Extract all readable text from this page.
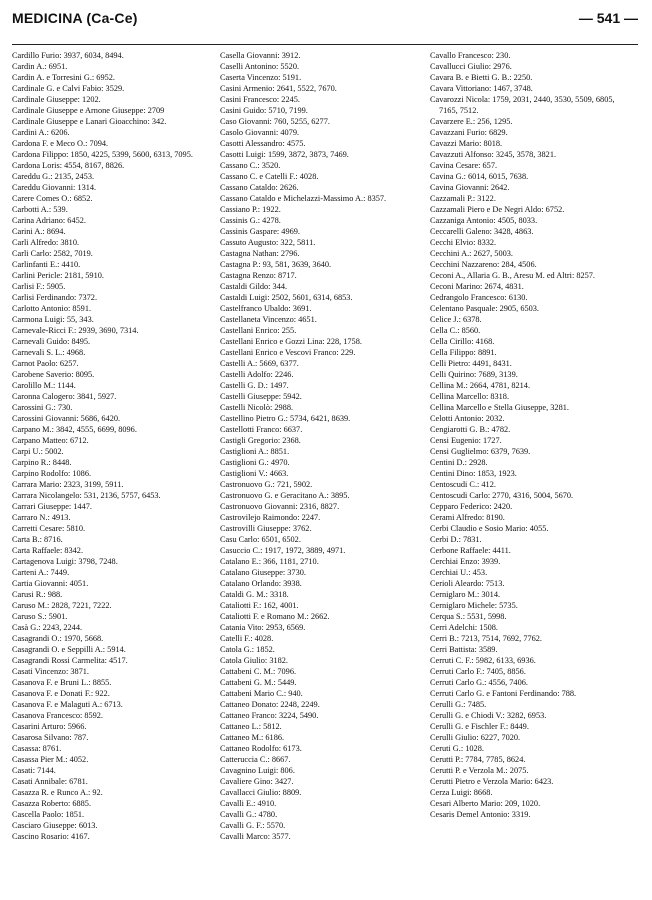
MEDICINA (Ca-Ce)	— 541 —
Cardillo Furio: 3937, 6034, 8494.
Cardin A.: 6951.
Cardin A. e Torresini G.: 6952.
Cardinale G. e Calvi Fabio: 3529.
Cardinale Giuseppe: 1202.
Cardinale Giuseppe e Arnone Giuseppe: 2709
Cardinale Giuseppe e Lanari Gioacchino: 342.
Cardini A.: 6206.
Cardona F. e Meco O.: 7094.
Cardona Filippo: 1850, 4225, 5399, 5600, 6313, 7095.
Cardona Loris: 4554, 8167, 8826.
Careddu G.: 2135, 2453.
Careddu Giovanni: 1314.
Carere Comes O.: 6852.
Carbotti A.: 539.
Carina Adriano: 6452.
Carini A.: 8694.
Carli Alfredo: 3810.
Carli Carlo: 2582, 7019.
Carlinfanti E.: 4410.
Carlini Pericle: 2181, 5910.
Carlisi F.: 5905.
Carlisi Ferdinando: 7372.
Carlotto Antonio: 8591.
Carmona Luigi: 55, 343.
Carnevale-Ricci F.: 2939, 3690, 7314.
Carnevali Guido: 8495.
Carnevali S. L.: 4968.
Carnot Paolo: 6257.
Carobene Saverio: 8095.
Carolillo M.: 1144.
Caronna Calogero: 3841, 5927.
Carossini G.: 730.
Carossini Giovanni: 5686, 6420.
Carpano M.: 3842, 4555, 6699, 8096.
Carpano Matteo: 6712.
Carpi U.: 5002.
Carpino R.: 8448.
Carpino Rodolfo: 1086.
Carrara Mario: 2323, 3199, 5911.
Carrara Nicolangelo: 531, 2136, 5757, 6453.
Carrari Giuseppe: 1447.
Carraro N.: 4913.
Carretti Cesare: 5810.
Carta B.: 8716.
Carta Raffaele: 8342.
Cartagenova Luigi: 3798, 7248.
Carteni A.: 7449.
Cartia Giovanni: 4051.
Carusi R.: 988.
Caruso M.: 2828, 7221, 7222.
Caruso S.: 5901.
Casà G.: 2243, 2244.
Casagrandi O.: 1970, 5668.
Casagrandi O. e Seppilli A.: 5914.
Casagrandi Rossi Carmelita: 4517.
Casati Vincenzo: 3871.
Casanova F. e Bruni L.: 8855.
Casanova F. e Donati F.: 922.
Casanova F. e Malaguti A.: 6713.
Casanova Francesco: 8592.
Casarini Arturo: 5966.
Casarosa Silvano: 787.
Casassa: 8761.
Casassa Pier M.: 4052.
Casati: 7144.
Casati Annibale: 6781.
Casazza R. e Runco A.: 92.
Casazza Roberto: 6885.
Cascella Paolo: 1851.
Casciaro Giuseppe: 6013.
Cascino Rosario: 4167.
Casella Giovanni: 3912.
Caselli Antonino: 5520.
Caserta Vincenzo: 5191.
Casini Armenio: 2641, 5522, 7670.
Casini Francesco: 2245.
Casini Guido: 5710, 7199.
Caso Giovanni: 760, 5255, 6277.
Casolo Giovanni: 4079.
Casotti Alessandro: 4575.
Casotti Luigi: 1599, 3872, 3873, 7469.
Cassano C.: 3520.
Cassano C. e Catelli F.: 4028.
Cassano Cataldo: 2626.
Cassano Cataldo e Michelazzi-Massimo A.: 8357.
Cassiano P.: 1922.
Cassinis G.: 4278.
Cassinis Gaspare: 4969.
Cassuto Augusto: 322, 5811.
Castagna Nathan: 2796.
Castagna P.: 93, 581, 3639, 3640.
Castagna Renzo: 8717.
Castaldi Gildo: 344.
Castaldi Luigi: 2502, 5601, 6314, 6853.
Castelfranco Ubaldo: 3691.
Castellaneta Vincenzo: 4651.
Castellani Enrico: 255.
Castellani Enrico e Gozzi Lina: 228, 1758.
Castellani Enrico e Vescovi Franco: 229.
Castelli A.: 5669, 6377.
Castelli Adolfo: 2246.
Castelli G. D.: 1497.
Castelli Giuseppe: 5942.
Castelli Nicolò: 2988.
Castellino Pietro G.: 5734, 6421, 8639.
Castellotti Franco: 6637.
Castigli Gregorio: 2368.
Castiglioni A.: 8851.
Castiglioni G.: 4970.
Castiglioni V.: 4663.
Castronuovo G.: 721, 5902.
Castronuovo G. e Geracitano A.: 3895.
Castronuovo Giovanni: 2316, 8827.
Castrovilejo Raimondo: 2247.
Castrovilli Giuseppe: 3762.
Casu Carlo: 6501, 6502.
Casuccio C.: 1917, 1972, 3889, 4971.
Catalano E.: 366, 1181, 2710.
Catalano Giuseppe: 3730.
Catalano Orlando: 3938.
Cataldi G. M.: 3318.
Cataliotti F.: 162, 4001.
Cataliotti F. e Romano M.: 2662.
Catania Vito: 2953, 6569.
Catelli F.: 4028.
Catola G.: 1852.
Catola Giulio: 3182.
Cattabeni C. M.: 7096.
Cattabeni G. M.: 5449.
Cattabeni Mario C.: 940.
Cattaneo Donato: 2248, 2249.
Cattaneo Franco: 3224, 5490.
Cattaneo L.: 5812.
Cattaneo M.: 6186.
Cattaneo Rodolfo: 6173.
Catteruccia C.: 8667.
Cavagnino Luigi: 806.
Cavaliere Gino: 3427.
Cavallacci Giulio: 8809.
Cavalli E.: 4910.
Cavalli G.: 4780.
Cavalli G. F.: 5570.
Cavalli Marco: 3577.
Cavallo Francesco: 230.
Cavallucci Giulio: 2976.
Cavara B. e Bietti G. B.: 2250.
Cavara Vittoriano: 1467, 3748.
Cavarozzi Nicola: 1759, 2031, 2440, 3530, 5509, 6805, 7165, 7512.
Cavarzere E.: 256, 1295.
Cavazzani Furio: 6829.
Cavazzi Mario: 8018.
Cavazzuti Alfonso: 3245, 3578, 3821.
Cavina Cesare: 657.
Cavina G.: 6014, 6015, 7638.
Cavina Giovanni: 2642.
Cazzamali P.: 3122.
Cazzamali Piero e De Negri Aldo: 6752.
Cazzaniga Antonio: 4505, 8033.
Ceccarelli Galeno: 3428, 4863.
Cecchi Elvio: 8332.
Cecchini A.: 2627, 5003.
Cecchini Nazzareno: 284, 4506.
Ceconi A., Allaria G. B., Aresu M. ed Altri: 8257.
Ceconi Marino: 2674, 4831.
Cedrangolo Francesco: 6130.
Celentano Pasquale: 2905, 6503.
Celice J.: 6378.
Cella C.: 8560.
Cella Cirillo: 4168.
Cella Filippo: 8891.
Celli Pietro: 4491, 8431.
Celli Quirino: 7689, 3139.
Cellina M.: 2664, 4781, 8214.
Cellina Marcello: 8318.
Cellina Marcello e Stella Giuseppe, 3281.
Celotti Antonio: 2032.
Cengiarotti G. B.: 4782.
Censi Eugenio: 1727.
Censi Guglielmo: 6379, 7639.
Centini D.: 2928.
Centini Dino: 1853, 1923.
Centoscudi C.: 412.
Centoscudi Carlo: 2770, 4316, 5004, 5670.
Cepparo Federico: 2420.
Cerami Alfredo: 8190.
Cerbi Claudio e Sosio Mario: 4055.
Cerbi D.: 7831.
Cerbone Raffaele: 4411.
Cerchiai Enzo: 3939.
Cerchiai U.: 453.
Cerioli Aleardo: 7513.
Cerniglaro M.: 3014.
Cerniglaro Michele: 5735.
Cerqua S.: 5531, 5998.
Cerri Adelchi: 1508.
Cerri B.: 7213, 7514, 7692, 7762.
Cerri Battista: 3589.
Cerruti C. F.: 5982, 6133, 6936.
Cerruti Carlo F.: 7405, 8856.
Cerruti Carlo G.: 4556, 7406.
Cerruti Carlo G. e Fantoni Ferdinando: 788.
Cerulli G.: 7485.
Cerulli G. e Chiodi V.: 3282, 6953.
Cerulli G. e Fischler F.: 8449.
Cerulli Giulio: 6227, 7020.
Ceruti G.: 1028.
Cerutti P.: 7784, 7785, 8624.
Cerutti P. e Verzola M.: 2075.
Cerutti Pietro e Verzola Mario: 6423.
Cerza Luigi: 8668.
Cesari Alberto Mario: 209, 1020.
Cesaris Demel Antonio: 3319.
